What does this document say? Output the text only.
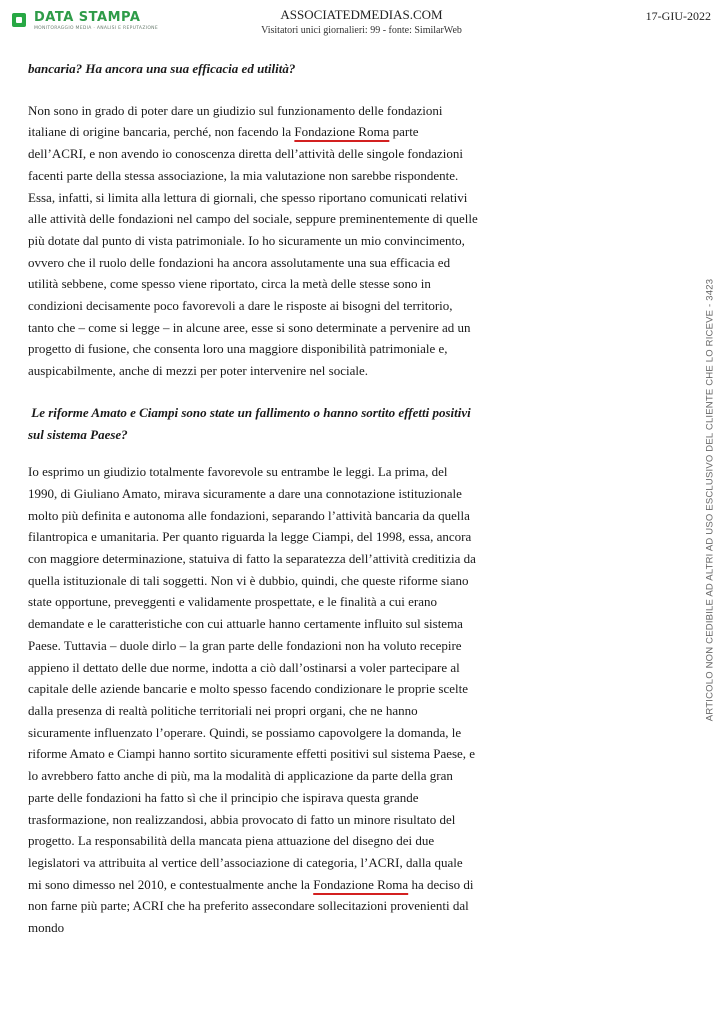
DATA STAMPA
MONITORAGGIO MEDIA · ANALISI E REPUTAZIONE
ASSOCIATEDMEDIAS.COM
Visitatori unici giornalieri: 99 - fonte: SimilarWeb
17-GIU-2022

bancaria? Ha ancora una sua efficacia ed utilità?

Non sono in grado di poter dare un giudizio sul funzionamento delle fondazioni italiane di origine bancaria, perché, non facendo la Fondazione Roma parte dell’ACRI, e non avendo io conoscenza diretta dell’attività delle singole fondazioni facenti parte della stessa associazione, la mia valutazione non sarebbe rispondente. Essa, infatti, si limita alla lettura di giornali, che spesso riportano comunicati relativi alle attività delle fondazioni nel campo del sociale, seppure preminentemente di quelle più dotate dal punto di vista patrimoniale. Io ho sicuramente un mio convincimento, ovvero che il ruolo delle fondazioni ha ancora assolutamente una sua efficacia ed utilità sebbene, come spesso viene riportato, circa la metà delle stesse sono in condizioni decisamente poco favorevoli a dare le risposte ai bisogni del territorio, tanto che – come si legge – in alcune aree, esse si sono determinate a pervenire ad un progetto di fusione, che consenta loro una maggiore disponibilità patrimoniale e, auspicabilmente, anche di mezzi per poter intervenire nel sociale.

Le riforme Amato e Ciampi sono state un fallimento o hanno sortito effetti positivi sul sistema Paese?

Io esprimo un giudizio totalmente favorevole su entrambe le leggi. La prima, del 1990, di Giuliano Amato, mirava sicuramente a dare una connotazione istituzionale molto più definita e autonoma alle fondazioni, separando l’attività bancaria da quella filantropica e umanitaria. Per quanto riguarda la legge Ciampi, del 1998, essa, ancora con maggiore determinazione, statuiva di fatto la separatezza dell’attività creditizia da quella istituzionale di tali soggetti. Non vi è dubbio, quindi, che queste riforme siano state opportune, preveggenti e validamente prospettate, e le finalità a cui erano demandate e le caratteristiche con cui attuarle hanno certamente influito sul sistema Paese. Tuttavia – duole dirlo – la gran parte delle fondazioni non ha voluto recepire appieno il dettato delle due norme, indotta a ciò dall’ostinarsi a voler partecipare al capitale delle aziende bancarie e molto spesso facendo condizionare le proprie scelte dalla presenza di realtà politiche territoriali nei propri organi, che ne hanno sicuramente influenzato l’operare. Quindi, se possiamo capovolgere la domanda, le riforme Amato e Ciampi hanno sortito sicuramente effetti positivi sul sistema Paese, e lo avrebbero fatto anche di più, ma la modalità di applicazione da parte della gran parte delle fondazioni ha fatto sì che il principio che ispirava questa grande trasformazione, non realizzandosi, abbia provocato di fatto un minore risultato del progetto. La responsabilità della mancata piena attuazione del disegno dei due legislatori va attribuita al vertice dell’associazione di categoria, l’ACRI, dalla quale mi sono dimesso nel 2010, e contestualmente anche la Fondazione Roma ha deciso di non farne più parte; ACRI che ha preferito assecondare sollecitazioni provenienti dal mondo

ARTICOLO NON CEDIBILE AD ALTRI AD USO ESCLUSIVO DEL CLIENTE CHE LO RICEVE - 3423
